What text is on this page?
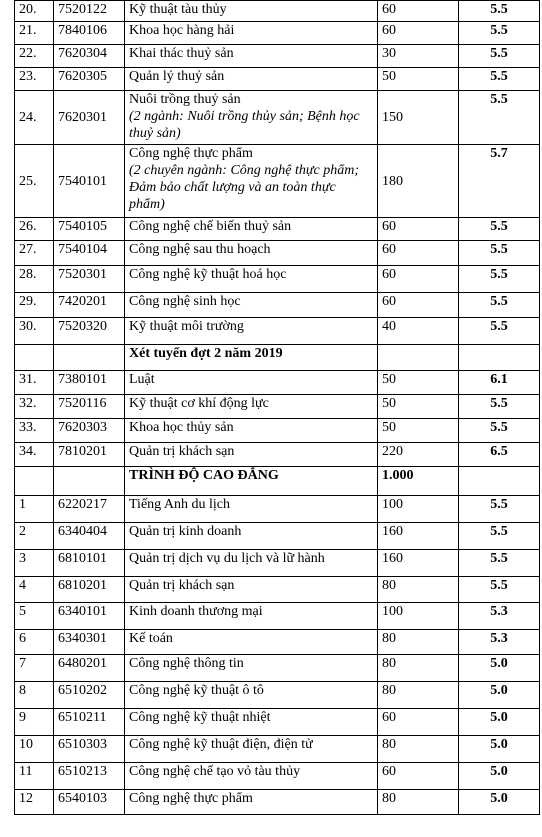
20.	7520122	Kỹ thuật tàu thủy	60	5.5
21.	7840106	Khoa học hàng hải	60	5.5
22.	7620304	Khai thác thuỷ sản	30	5.5
23.	7620305	Quản lý thuỷ sản	50	5.5
24.	7620301	Nuôi trồng thuỷ sản
(2 ngành: Nuôi trồng thủy sản; Bệnh học thuỷ sản)	150	5.5
25.	7540101	Công nghệ thực phẩm
(2 chuyên ngành: Công nghệ thực phẩm; Đảm bảo chất lượng và an toàn thực phẩm)	180	5.7
26.	7540105	Công nghệ chế biến thuỷ sản	60	5.5
27.	7540104	Công nghệ sau thu hoạch	60	5.5
28.	7520301	Công nghệ kỹ thuật hoá học	60	5.5
29.	7420201	Công nghệ sinh học	60	5.5
30.	7520320	Kỹ thuật môi trường	40	5.5
		Xét tuyển đợt 2 năm 2019		
31.	7380101	Luật	50	6.1
32.	7520116	Kỹ thuật cơ khí động lực	50	5.5
33.	7620303	Khoa học thủy sản	50	5.5
34.	7810201	Quản trị khách sạn	220	6.5
		TRÌNH ĐỘ CAO ĐẲNG	1.000	
1	6220217	Tiếng Anh du lịch	100	5.5
2	6340404	Quản trị kinh doanh	160	5.5
3	6810101	Quản trị dịch vụ du lịch và lữ hành	160	5.5
4	6810201	Quản trị khách sạn	80	5.5
5	6340101	Kinh doanh thương mại	100	5.3
6	6340301	Kế toán	80	5.3
7	6480201	Công nghệ thông tin	80	5.0
8	6510202	Công nghệ kỹ thuật ô tô	80	5.0
9	6510211	Công nghệ kỹ thuật nhiệt	60	5.0
10	6510303	Công nghệ kỹ thuật điện, điện tử	80	5.0
11	6510213	Công nghệ chế tạo vỏ tàu thủy	60	5.0
12	6540103	Công nghệ thực phẩm	80	5.0
